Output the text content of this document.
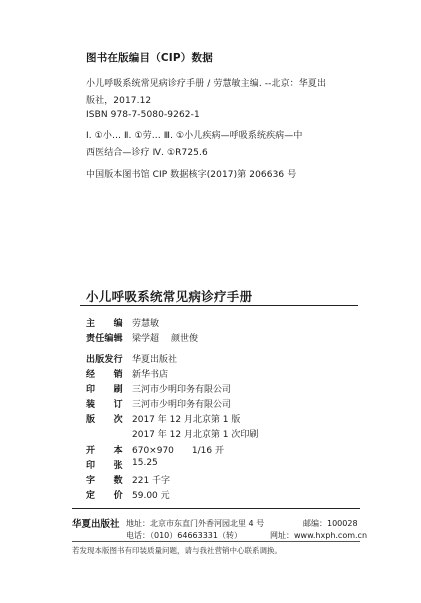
图书在版编目（CIP）数据
小儿呼吸系统常见病诊疗手册 / 劳慧敏主编. --北京：华夏出
版社，2017.12
ISBN 978-7-5080-9262-1
Ⅰ. ①小… Ⅱ. ①劳… Ⅲ. ①小儿疾病—呼吸系统疾病—中
西医结合—诊疗 Ⅳ. ①R725.6
中国版本图书馆 CIP 数据核字(2017)第 206636 号
小儿呼吸系统常见病诊疗手册
主　　编	劳慧敏
责任编辑	梁学超 颜世俊
出版发行	华夏出版社
经　　销	新华书店
印　　刷	三河市少明印务有限公司
装　　订	三河市少明印务有限公司
版　　次	2017 年 12 月北京第 1 版
2017 年 12 月北京第 1 次印刷
开　　本	670×970　　1/16 开
印　　张	15.25
字　　数	221 千字
定　　价	59.00 元
华夏出版社 地址：北京市东直门外香河园北里 4 号	邮编：100028
电话：（010）64663331（转）	网址：www.hxph.com.cn
若发现本版图书有印装质量问题，请与我社营销中心联系调换。
